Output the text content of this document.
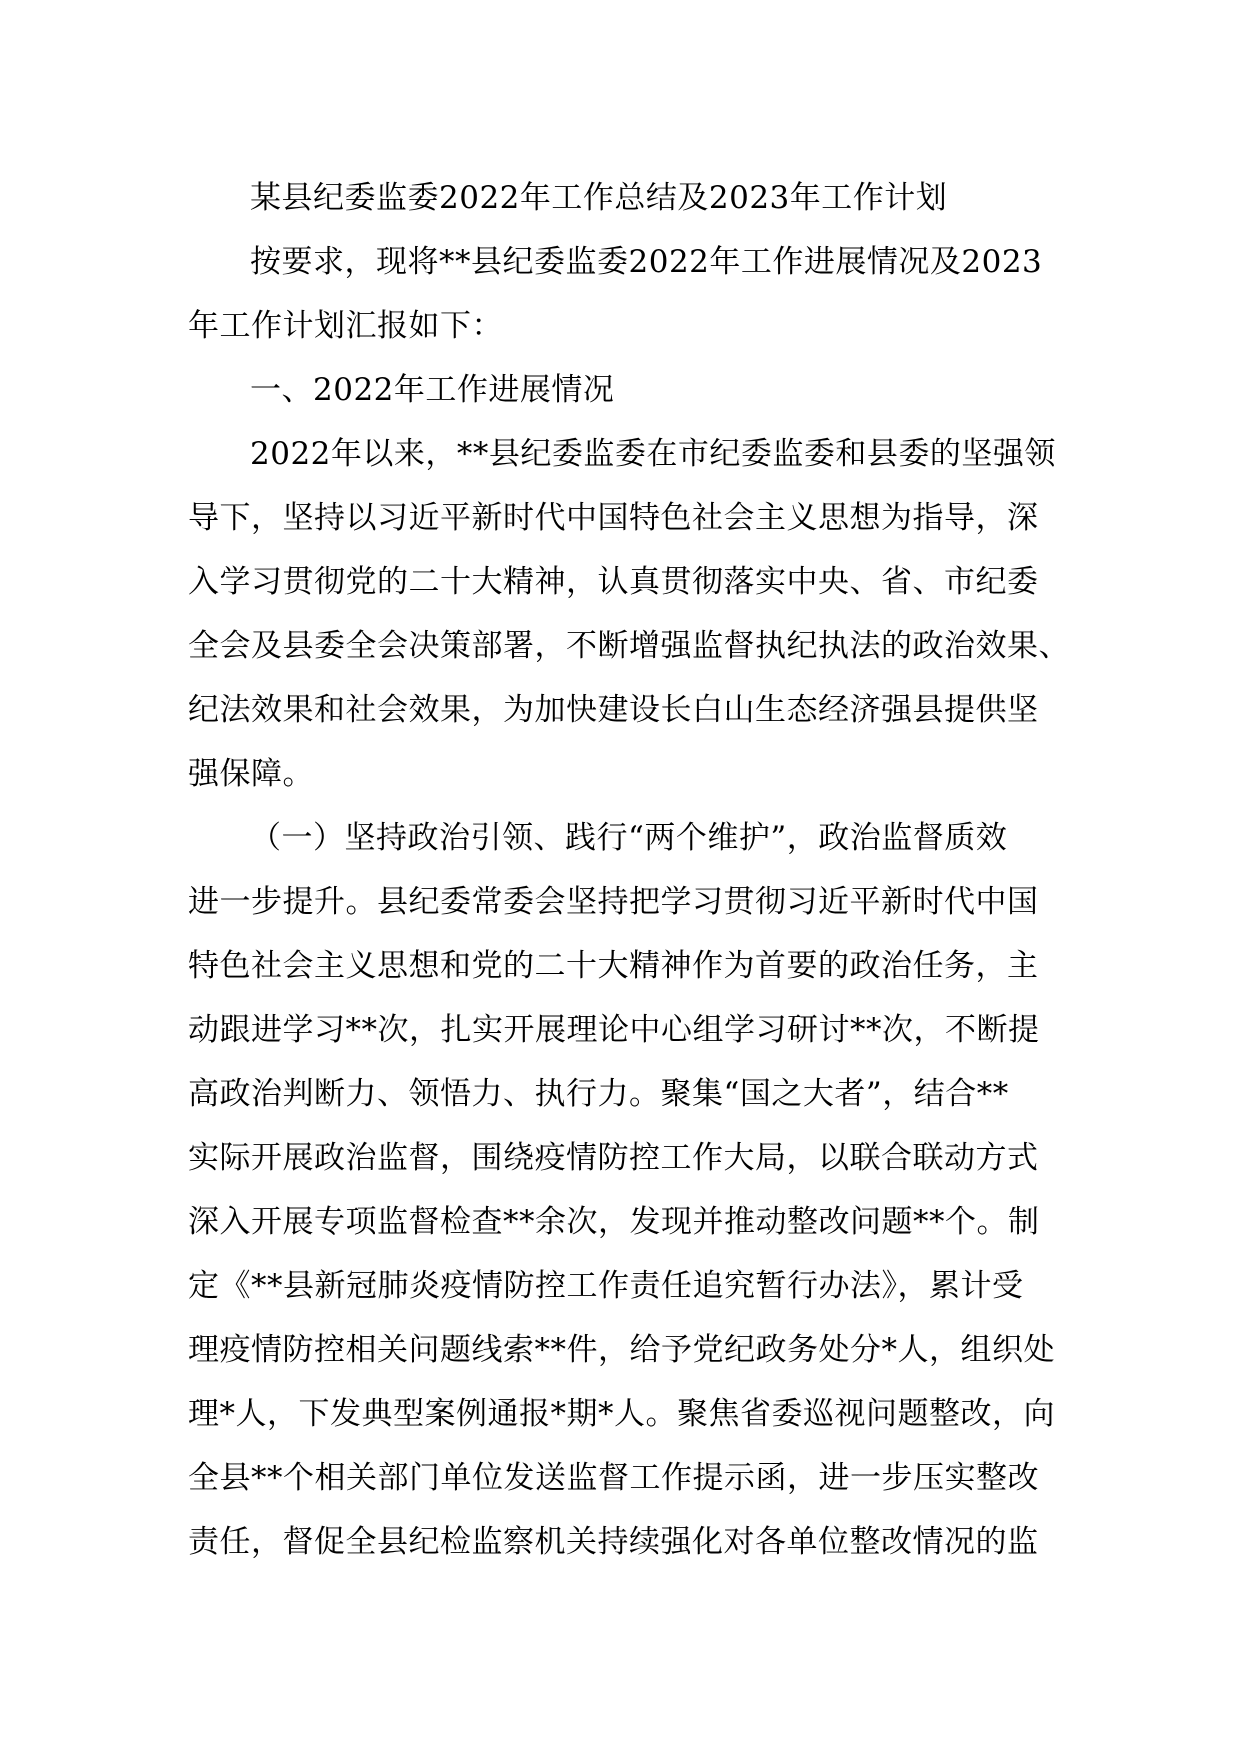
某县纪委监委2022年工作总结及2023年工作计划
按要求，现将**县纪委监委2022年工作进展情况及2023
年工作计划汇报如下：
一、2022年工作进展情况
2022年以来，**县纪委监委在市纪委监委和县委的坚强领
导下，坚持以习近平新时代中国特色社会主义思想为指导，深
入学习贯彻党的二十大精神，认真贯彻落实中央、省、市纪委
全会及县委全会决策部署，不断增强监督执纪执法的政治效果、
纪法效果和社会效果，为加快建设长白山生态经济强县提供坚
强保障。
（一）坚持政治引领、践行“两个维护”，政治监督质效
进一步提升。县纪委常委会坚持把学习贯彻习近平新时代中国
特色社会主义思想和党的二十大精神作为首要的政治任务，主
动跟进学习**次，扎实开展理论中心组学习研讨**次，不断提
高政治判断力、领悟力、执行力。聚集“国之大者”，结合**
实际开展政治监督，围绕疫情防控工作大局，以联合联动方式
深入开展专项监督检查**余次，发现并推动整改问题**个。制
定《**县新冠肺炎疫情防控工作责任追究暂行办法》，累计受
理疫情防控相关问题线索**件，给予党纪政务处分*人，组织处
理*人，下发典型案例通报*期*人。聚焦省委巡视问题整改，向
全县**个相关部门单位发送监督工作提示函，进一步压实整改
责任，督促全县纪检监察机关持续强化对各单位整改情况的监
